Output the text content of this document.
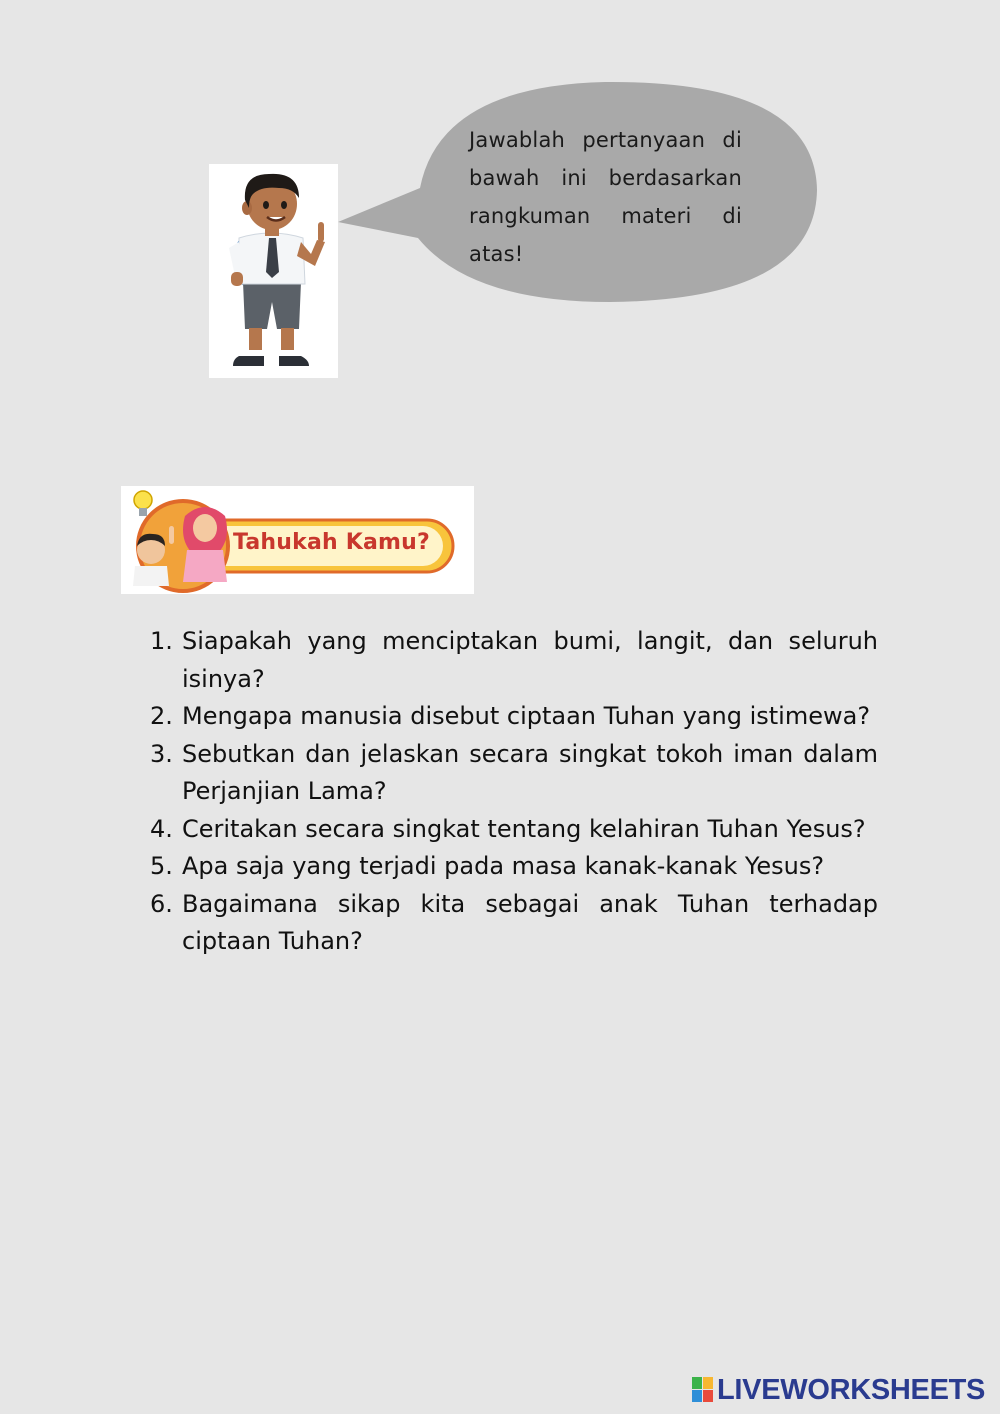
Jawablah pertanyaan di bawah ini berdasarkan rangkuman materi di atas!
Tahukah Kamu?
1. Siapakah yang menciptakan bumi, langit, dan seluruh isinya?
2. Mengapa manusia disebut ciptaan Tuhan yang istimewa?
3. Sebutkan dan jelaskan secara singkat tokoh iman dalam Perjanjian Lama?
4. Ceritakan secara singkat tentang kelahiran Tuhan Yesus?
5. Apa saja yang terjadi pada masa kanak-kanak Yesus?
6. Bagaimana sikap kita sebagai anak Tuhan terhadap ciptaan Tuhan?
LIVEWORKSHEETS
